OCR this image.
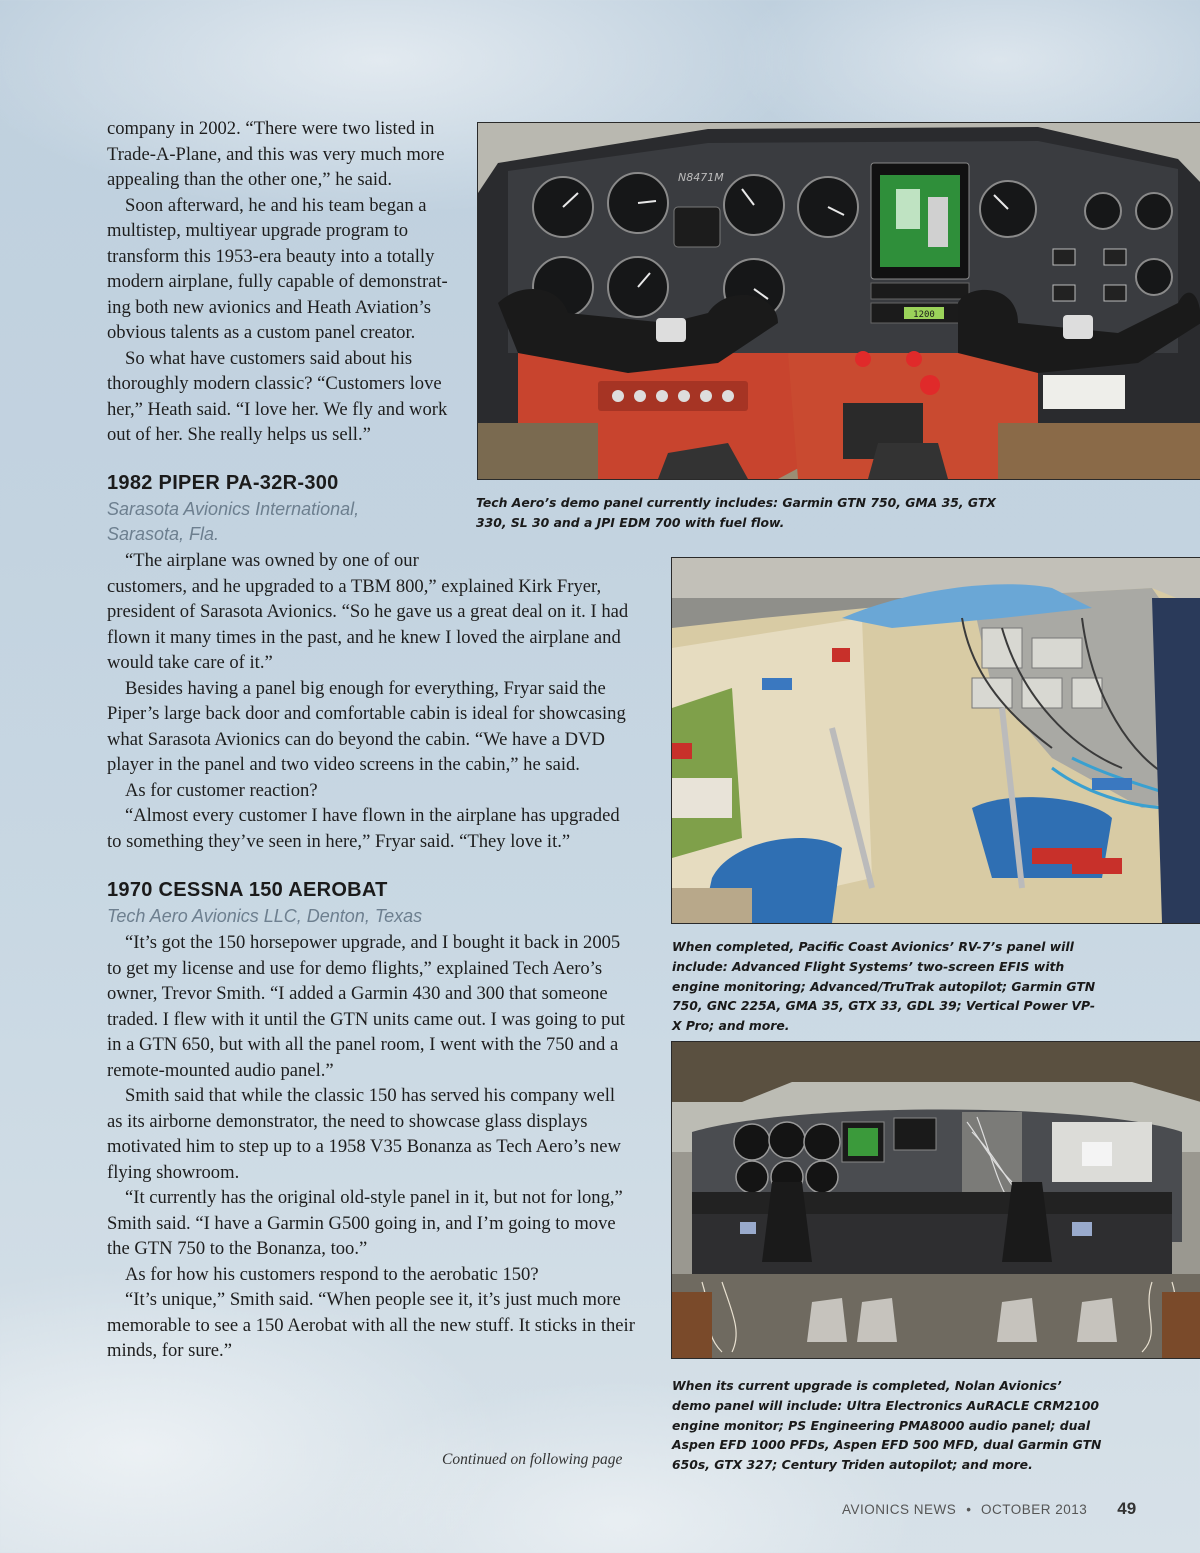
company in 2002. “There were two listed in Trade-A-Plane, and this was very much more appealing than the other one,” he said.

Soon afterward, he and his team began a multistep, multiyear upgrade program to transform this 1953-era beauty into a totally modern airplane, fully capable of demonstrat-ing both new avionics and Heath Aviation’s obvious talents as a custom panel creator.

So what have customers said about his thoroughly modern classic? “Customers love her,” Heath said. “I love her. We fly and work out of her. She really helps us sell.”

1982 PIPER PA-32R-300

Sarasota Avionics International,

Sarasota, Fla.

“The airplane was owned by one of our

customers, and he upgraded to a TBM 800,” explained Kirk Fryer, president of Sarasota Avionics. “So he gave us a great deal on it. I had flown it many times in the past, and he knew I loved the airplane and would take care of it.”

Besides having a panel big enough for everything, Fryar said the Piper’s large back door and comfortable cabin is ideal for showcasing what Sarasota Avionics can do beyond the cabin. “We have a DVD player in the panel and two video screens in the cabin,” he said.

As for customer reaction?

“Almost every customer I have flown in the airplane has upgraded to something they’ve seen in here,” Fryar said. “They love it.”

1970 CESSNA 150 AEROBAT

Tech Aero Avionics LLC, Denton, Texas

“It’s got the 150 horsepower upgrade, and I bought it back in 2005 to get my license and use for demo flights,” explained Tech Aero’s owner, Trevor Smith. “I added a Garmin 430 and 300 that someone traded. I flew with it until the GTN units came out. I was going to put in a GTN 650, but with all the panel room, I went with the 750 and a remote-mounted audio panel.”

Smith said that while the classic 150 has served his company well as its airborne demonstrator, the need to showcase glass displays motivated him to step up to a 1958 V35 Bonanza as Tech Aero’s new flying showroom.

“It currently has the original old-style panel in it, but not for long,” Smith said. “I have a Garmin G500 going in, and I’m going to move the GTN 750 to the Bonanza, too.”

As for how his customers respond to the aerobatic 150?

“It’s unique,” Smith said. “When people see it, it’s just much more memorable to see a 150 Aerobat with all the new stuff. It sticks in their minds, for sure.”

Continued on following page
1200
N8471M

Tech Aero’s demo panel currently includes: Garmin GTN 750, GMA 35, GTX 330, SL 30 and a JPI EDM 700 with fuel flow.

When completed, Pacific Coast Avionics’ RV-7’s panel will include: Advanced Flight Systems’ two-screen EFIS with engine monitoring; Advanced/TruTrak autopilot; Garmin GTN 750, GNC 225A, GMA 35, GTX 33, GDL 39; Vertical Power VP-X Pro; and more.

When its current upgrade is completed, Nolan Avionics’ demo panel will include: Ultra Electronics AuRACLE CRM2100 engine monitor; PS Engineering PMA8000 audio panel; dual Aspen EFD 1000 PFDs, Aspen EFD 500 MFD, dual Garmin GTN 650s, GTX 327; Century Triden autopilot; and more.

AVIONICS NEWS • OCTOBER 2013 49
